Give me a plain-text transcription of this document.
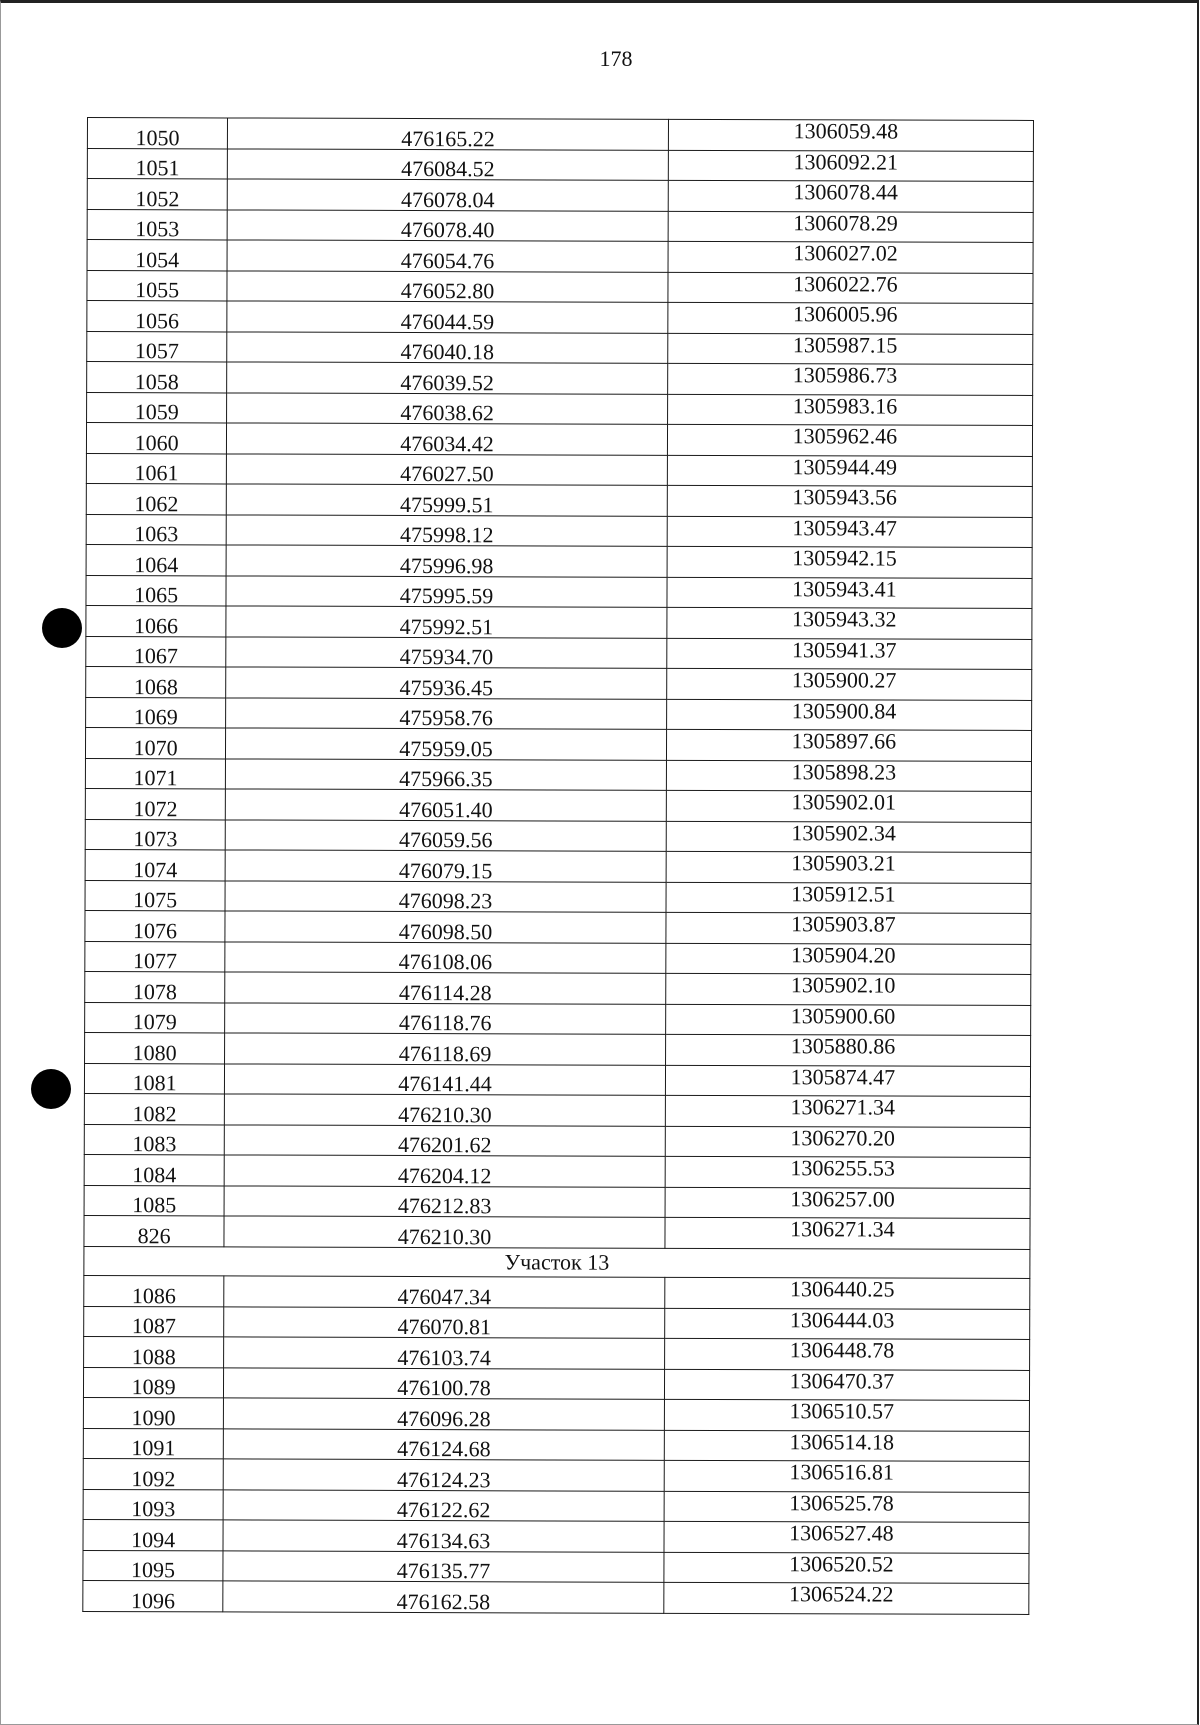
178
1050	476165.22	1306059.48
1051	476084.52	1306092.21
1052	476078.04	1306078.44
1053	476078.40	1306078.29
1054	476054.76	1306027.02
1055	476052.80	1306022.76
1056	476044.59	1306005.96
1057	476040.18	1305987.15
1058	476039.52	1305986.73
1059	476038.62	1305983.16
1060	476034.42	1305962.46
1061	476027.50	1305944.49
1062	475999.51	1305943.56
1063	475998.12	1305943.47
1064	475996.98	1305942.15
1065	475995.59	1305943.41
1066	475992.51	1305943.32
1067	475934.70	1305941.37
1068	475936.45	1305900.27
1069	475958.76	1305900.84
1070	475959.05	1305897.66
1071	475966.35	1305898.23
1072	476051.40	1305902.01
1073	476059.56	1305902.34
1074	476079.15	1305903.21
1075	476098.23	1305912.51
1076	476098.50	1305903.87
1077	476108.06	1305904.20
1078	476114.28	1305902.10
1079	476118.76	1305900.60
1080	476118.69	1305880.86
1081	476141.44	1305874.47
1082	476210.30	1306271.34
1083	476201.62	1306270.20
1084	476204.12	1306255.53
1085	476212.83	1306257.00
826	476210.30	1306271.34
Участок 13		
1086	476047.34	1306440.25
1087	476070.81	1306444.03
1088	476103.74	1306448.78
1089	476100.78	1306470.37
1090	476096.28	1306510.57
1091	476124.68	1306514.18
1092	476124.23	1306516.81
1093	476122.62	1306525.78
1094	476134.63	1306527.48
1095	476135.77	1306520.52
1096	476162.58	1306524.22
